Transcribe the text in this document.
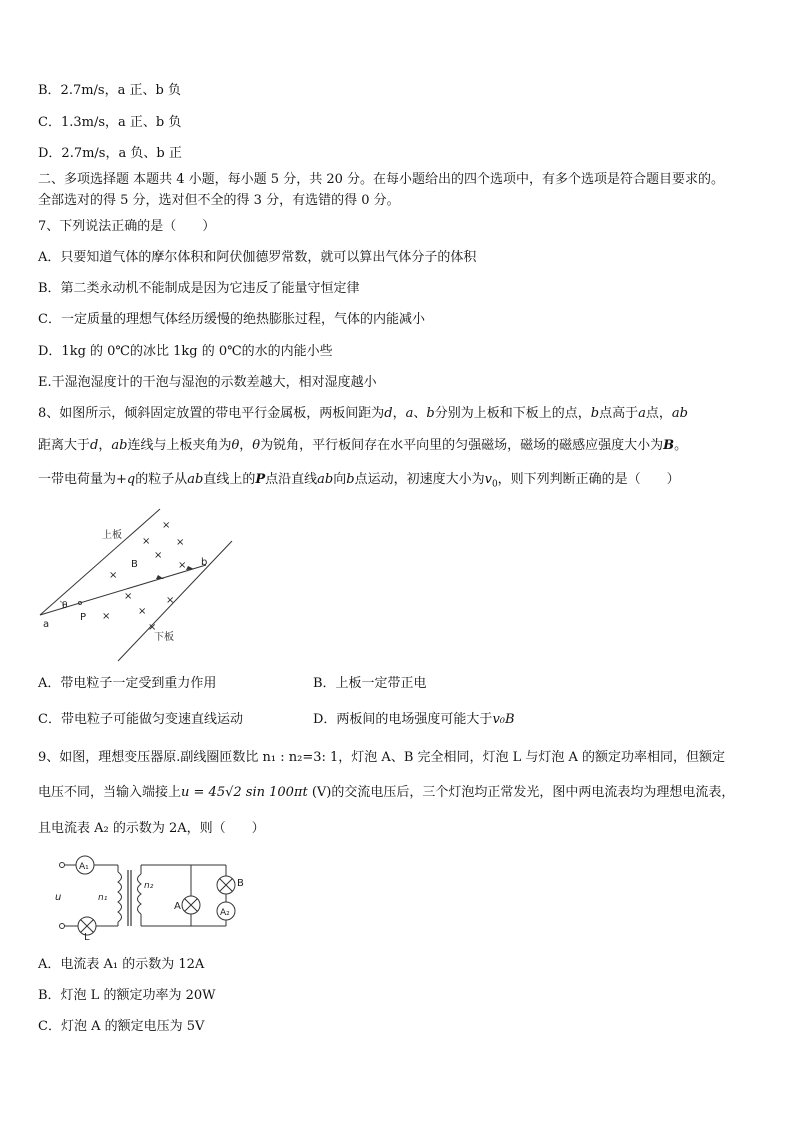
B．2.7m/s，a 正、b 负
C．1.3m/s，a 正、b 负
D．2.7m/s，a 负、b 正
二、多项选择题 本题共 4 小题，每小题 5 分，共 20 分。在每小题给出的四个选项中，有多个选项是符合题目要求的。
全部选对的得 5 分，选对但不全的得 3 分，有选错的得 0 分。
7、下列说法正确的是（　　）
A．只要知道气体的摩尔体积和阿伏伽德罗常数，就可以算出气体分子的体积
B．第二类永动机不能制成是因为它违反了能量守恒定律
C．一定质量的理想气体经历缓慢的绝热膨胀过程，气体的内能减小
D．1kg 的 0℃的冰比 1kg 的 0℃的水的内能小些
E.干湿泡湿度计的干泡与湿泡的示数差越大，相对湿度越小
8、如图所示，倾斜固定放置的带电平行金属板，两板间距为d，a、b分别为上板和下板上的点，b点高于a点，ab
距离大于d，ab连线与上板夹角为θ，θ为锐角，平行板间存在水平向里的匀强磁场，磁场的磁感应强度大小为B。
一带电荷量为+q的粒子从ab直线上的P点沿直线ab向b点运动，初速度大小为$v_0$，则下列判断正确的是（　　）
上板
下板
a
b
B
P
θ
×
×	×
×
×
×
×	×
×
×
×
A．带电粒子一定受到重力作用	B．上板一定带正电
C．带电粒子可能做匀变速直线运动	D．两板间的电场强度可能大于v₀B
9、如图，理想变压器原.副线圈匝数比 n₁ : n₂=3: 1，灯泡 A、B 完全相同，灯泡 L 与灯泡 A 的额定功率相同，但额定
电压不同，当输入端接上u = 45√2 sin 100πt (V)的交流电压后，三个灯泡均正常发光，图中两电流表均为理想电流表，
且电流表 A₂ 的示数为 2A，则（　　）
A₁
A₂
u	n₁
n₂
L
A
B
A．电流表 A₁ 的示数为 12A
B．灯泡 L 的额定功率为 20W
C．灯泡 A 的额定电压为 5V
